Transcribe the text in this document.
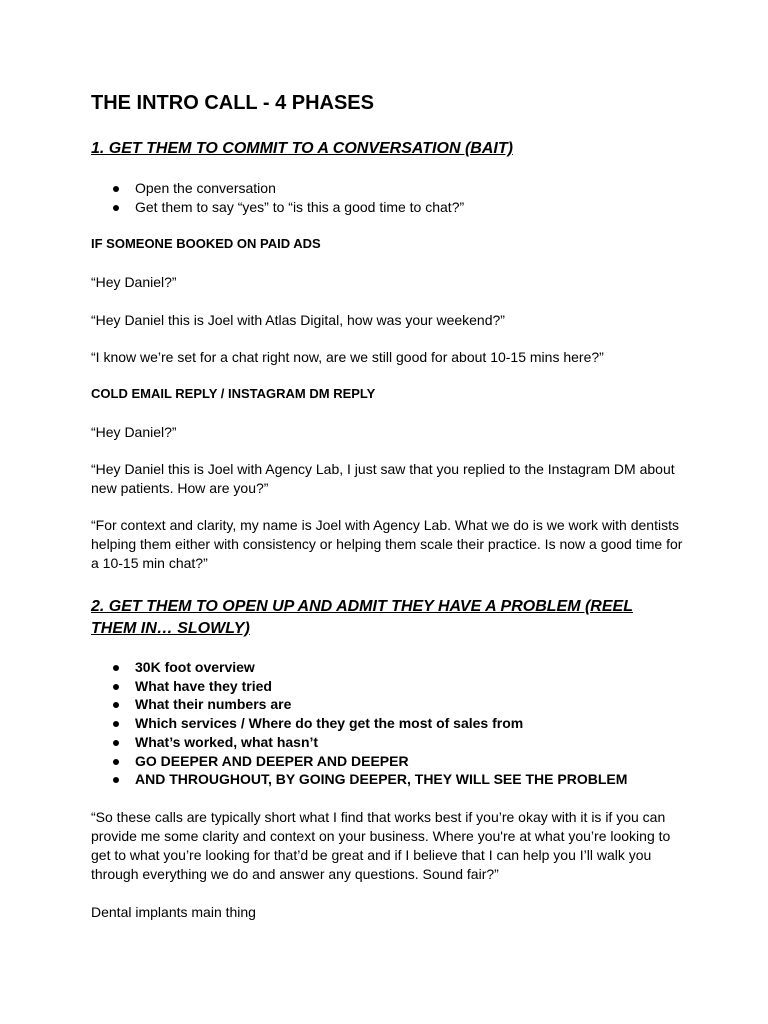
THE INTRO CALL - 4 PHASES
1. GET THEM TO COMMIT TO A CONVERSATION (BAIT)
Open the conversation
Get them to say “yes” to “is this a good time to chat?”
IF SOMEONE BOOKED ON PAID ADS

“Hey Daniel?”

“Hey Daniel this is Joel with Atlas Digital, how was your weekend?”

“I know we’re set for a chat right now, are we still good for about 10-15 mins here?”

COLD EMAIL REPLY / INSTAGRAM DM REPLY

“Hey Daniel?”

“Hey Daniel this is Joel with Agency Lab, I just saw that you replied to the Instagram DM about new patients. How are you?”

“For context and clarity, my name is Joel with Agency Lab. What we do is we work with dentists helping them either with consistency or helping them scale their practice. Is now a good time for a 10-15 min chat?”

2. GET THEM TO OPEN UP AND ADMIT THEY HAVE A PROBLEM (REEL THEM IN… SLOWLY)
30K foot overview
What have they tried
What their numbers are
Which services / Where do they get the most of sales from
What’s worked, what hasn’t
GO DEEPER AND DEEPER AND DEEPER
AND THROUGHOUT, BY GOING DEEPER, THEY WILL SEE THE PROBLEM

“So these calls are typically short what I find that works best if you’re okay with it is if you can provide me some clarity and context on your business. Where you're at what you’re looking to get to what you’re looking for that’d be great and if I believe that I can help you I’ll walk you through everything we do and answer any questions. Sound fair?”

Dental implants main thing
